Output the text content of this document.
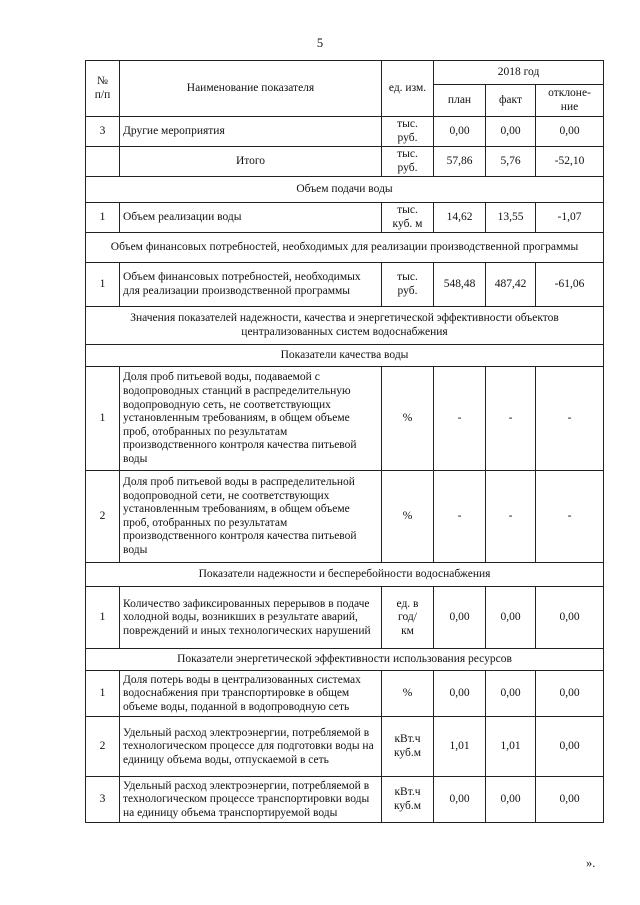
5
№
п/п	Наименование показателя	ед. изм.	2018 год		
			план	факт	отклоне-
ние
3	Другие мероприятия	тыс.
руб.	0,00	0,00	0,00
	Итого	тыс.
руб.	57,86	5,76	-52,10
Объем подачи воды					
1	Объем реализации воды	тыс.
куб. м	14,62	13,55	-1,07
Объем финансовых потребностей, необходимых для реализации производственной программы					
1	Объем финансовых потребностей, необходимых для реализации производственной программы	тыс.
руб.	548,48	487,42	-61,06
Значения показателей надежности, качества и энергетической эффективности объектов централизованных систем водоснабжения					
Показатели качества воды					
1	Доля проб питьевой воды, подаваемой с водопроводных станций в распределительную водопроводную сеть, не соответствующих установленным требованиям, в общем объеме проб, отобранных по результатам производственного контроля качества питьевой воды	%	-	-	-
2	Доля проб питьевой воды в распределительной водопроводной сети, не соответствующих установленным требованиям, в общем объеме проб, отобранных по результатам производственного контроля качества питьевой воды	%	-	-	-
Показатели надежности и бесперебойности водоснабжения					
1	Количество зафиксированных перерывов в подаче холодной воды, возникших в результате аварий, повреждений и иных технологических нарушений	ед. в
год/
км	0,00	0,00	0,00
Показатели энергетической эффективности использования ресурсов					
1	Доля потерь воды в централизованных системах водоснабжения при транспортировке в общем объеме воды, поданной в водопроводную сеть	%	0,00	0,00	0,00
2	Удельный расход электроэнергии, потребляемой в технологическом процессе для подготовки воды на единицу объема воды, отпускаемой в сеть	кВт.ч
куб.м	1,01	1,01	0,00
3	Удельный расход электроэнергии, потребляемой в технологическом процессе транспортировки воды на единицу объема транспортируемой воды	кВт.ч
куб.м	0,00	0,00	0,00
».
